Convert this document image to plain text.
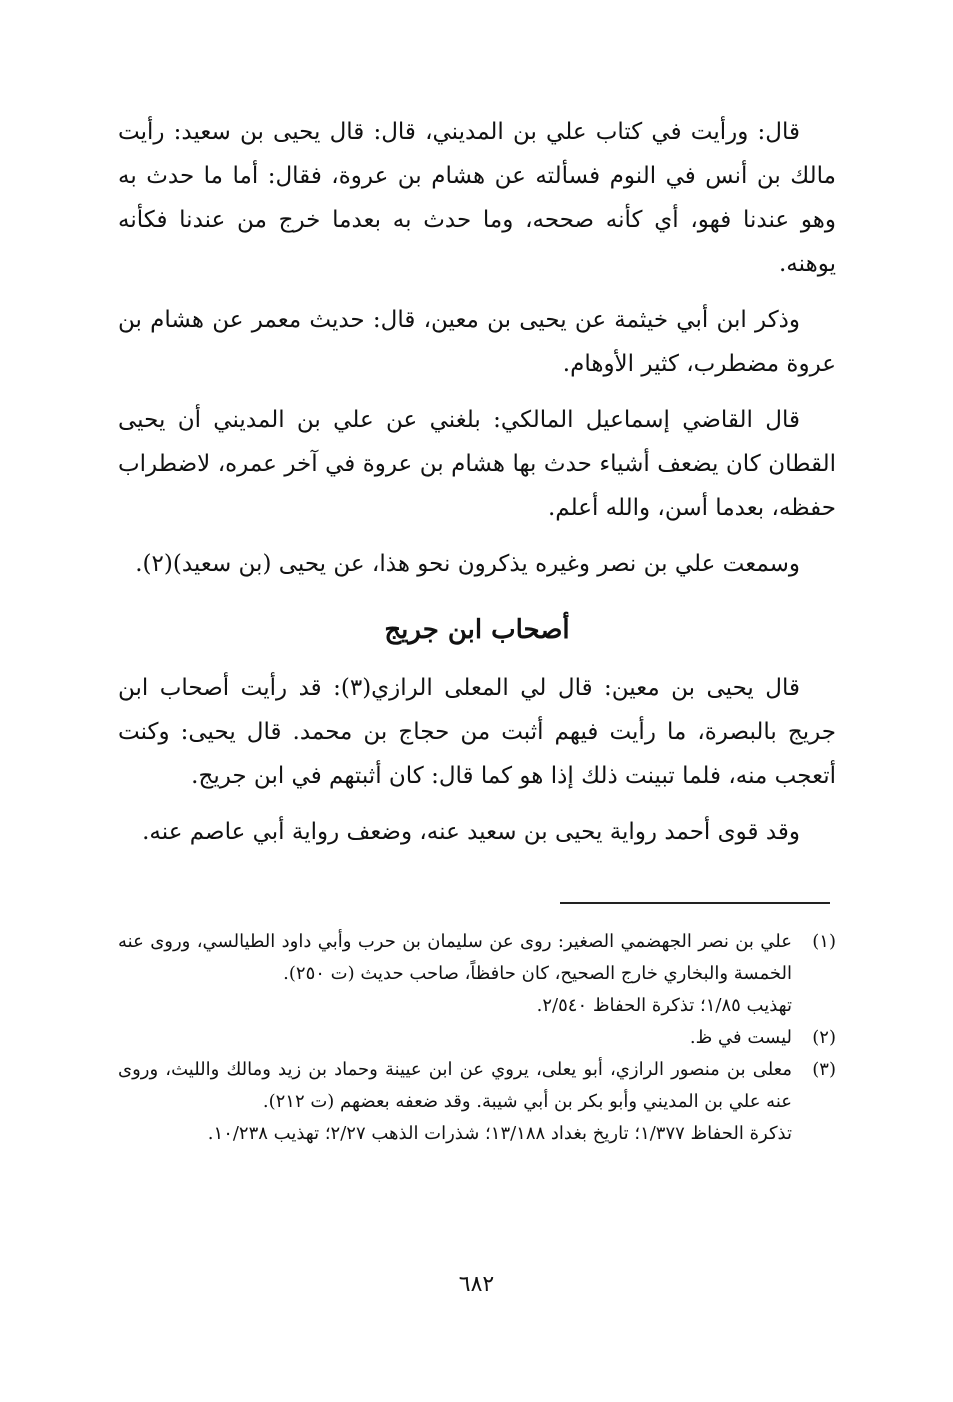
قال: ورأيت في كتاب علي بن المديني، قال: قال يحيى بن سعيد: رأيت مالك بن أنس في النوم فسألته عن هشام بن عروة، فقال: أما ما حدث به وهو عندنا فهو، أي كأنه صححه، وما حدث به بعدما خرج من عندنا فكأنه يوهنه.

وذكر ابن أبي خيثمة عن يحيى بن معين، قال: حديث معمر عن هشام بن عروة مضطرب، كثير الأوهام.

قال القاضي إسماعيل المالكي: بلغني عن علي بن المديني أن يحيى القطان كان يضعف أشياء حدث بها هشام بن عروة في آخر عمره، لاضطراب حفظه، بعدما أسن، والله أعلم.

وسمعت علي بن نصر وغيره يذكرون نحو هذا، عن يحيى (بن سعيد)(٢).

أصحاب ابن جريج

قال يحيى بن معين: قال لي المعلى الرازي(٣): قد رأيت أصحاب ابن جريج بالبصرة، ما رأيت فيهم أثبت من حجاج بن محمد. قال يحيى: وكنت أتعجب منه، فلما تبينت ذلك إذا هو كما قال: كان أثبتهم في ابن جريج.

وقد قوى أحمد رواية يحيى بن سعيد عنه، وضعف رواية أبي عاصم عنه.

(١)
علي بن نصر الجهضمي الصغير: روى عن سليمان بن حرب وأبي داود الطيالسي، وروى عنه الخمسة والبخاري خارج الصحيح، كان حافظاً، صاحب حديث (ت ٢٥٠).
تهذيب ١/٨٥؛ تذكرة الحفاظ ٢/٥٤٠.
(٢)
ليست في ظ.
(٣)
معلى بن منصور الرازي، أبو يعلى، يروي عن ابن عيينة وحماد بن زيد ومالك والليث، وروى عنه علي بن المديني وأبو بكر بن أبي شيبة. وقد ضعفه بعضهم (ت ٢١٢).
تذكرة الحفاظ ١/٣٧٧؛ تاريخ بغداد ١٣/١٨٨؛ شذرات الذهب ٢/٢٧؛ تهذيب ١٠/٢٣٨.
٦٨٢
